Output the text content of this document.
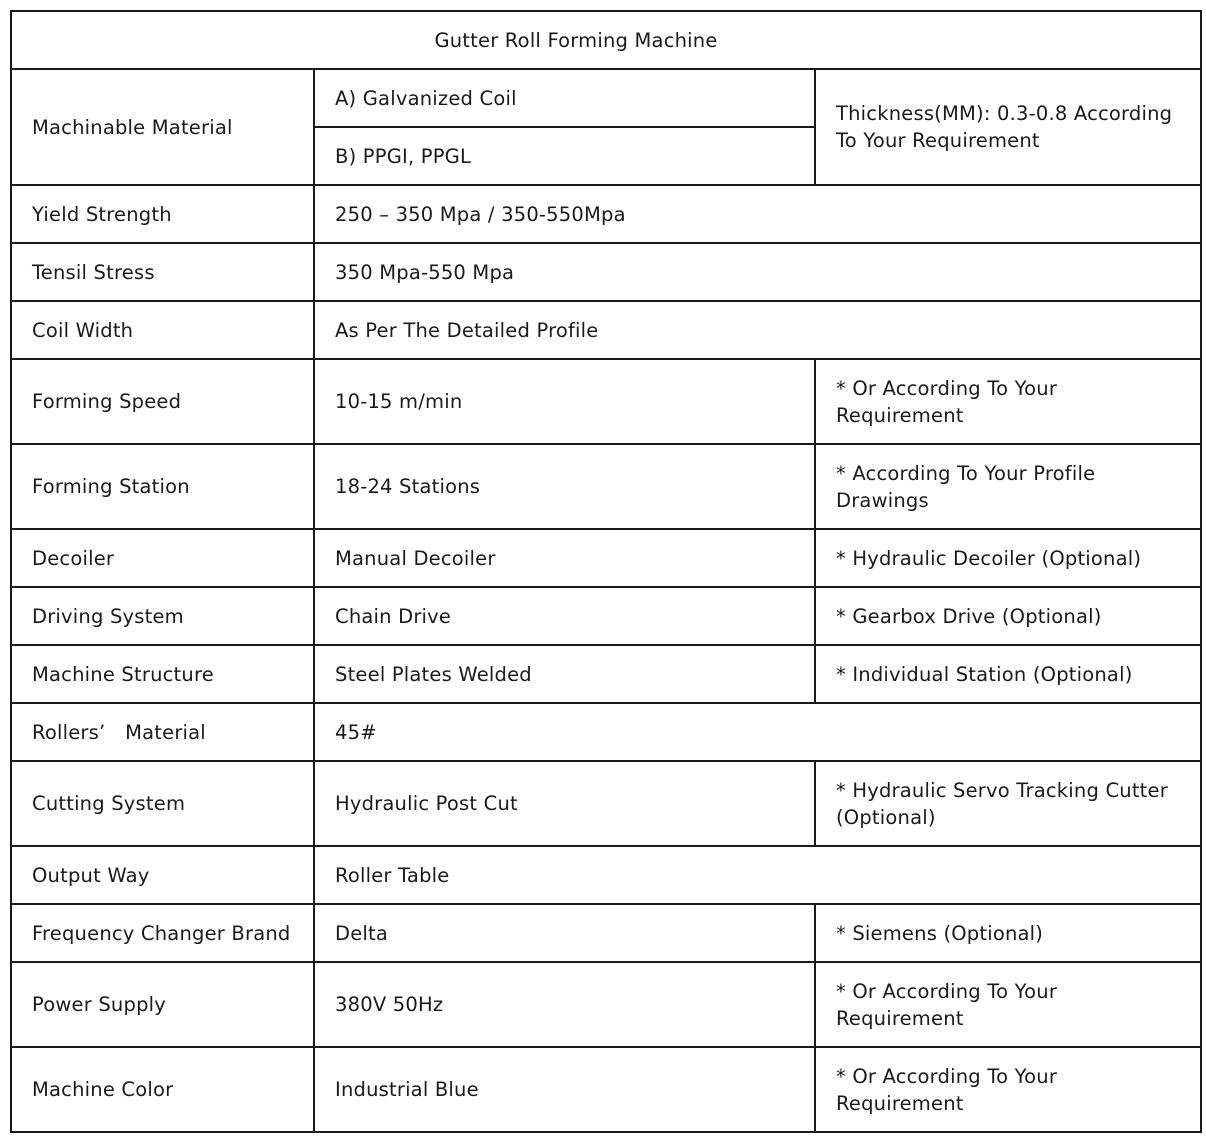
Gutter Roll Forming Machine		
Machinable Material	A) Galvanized Coil	Thickness(MM): 0.3-0.8 According To Your Requirement
	B) PPGI, PPGL	
Yield Strength	250 – 350 Mpa / 350-550Mpa	
Tensil Stress	350 Mpa-550 Mpa	
Coil Width	As Per The Detailed Profile	
Forming Speed	10-15 m/min	* Or According To Your Requirement
Forming Station	18-24 Stations	* According To Your Profile Drawings
Decoiler	Manual Decoiler	* Hydraulic Decoiler (Optional)
Driving System	Chain Drive	* Gearbox Drive (Optional)
Machine Structure	Steel Plates Welded	* Individual Station (Optional)
Rollers’　Material	45#	
Cutting System	Hydraulic Post Cut	* Hydraulic Servo Tracking Cutter (Optional)
Output Way	Roller Table	
Frequency Changer Brand	Delta	* Siemens (Optional)
Power Supply	380V 50Hz	* Or According To Your Requirement
Machine Color	Industrial Blue	* Or According To Your Requirement
